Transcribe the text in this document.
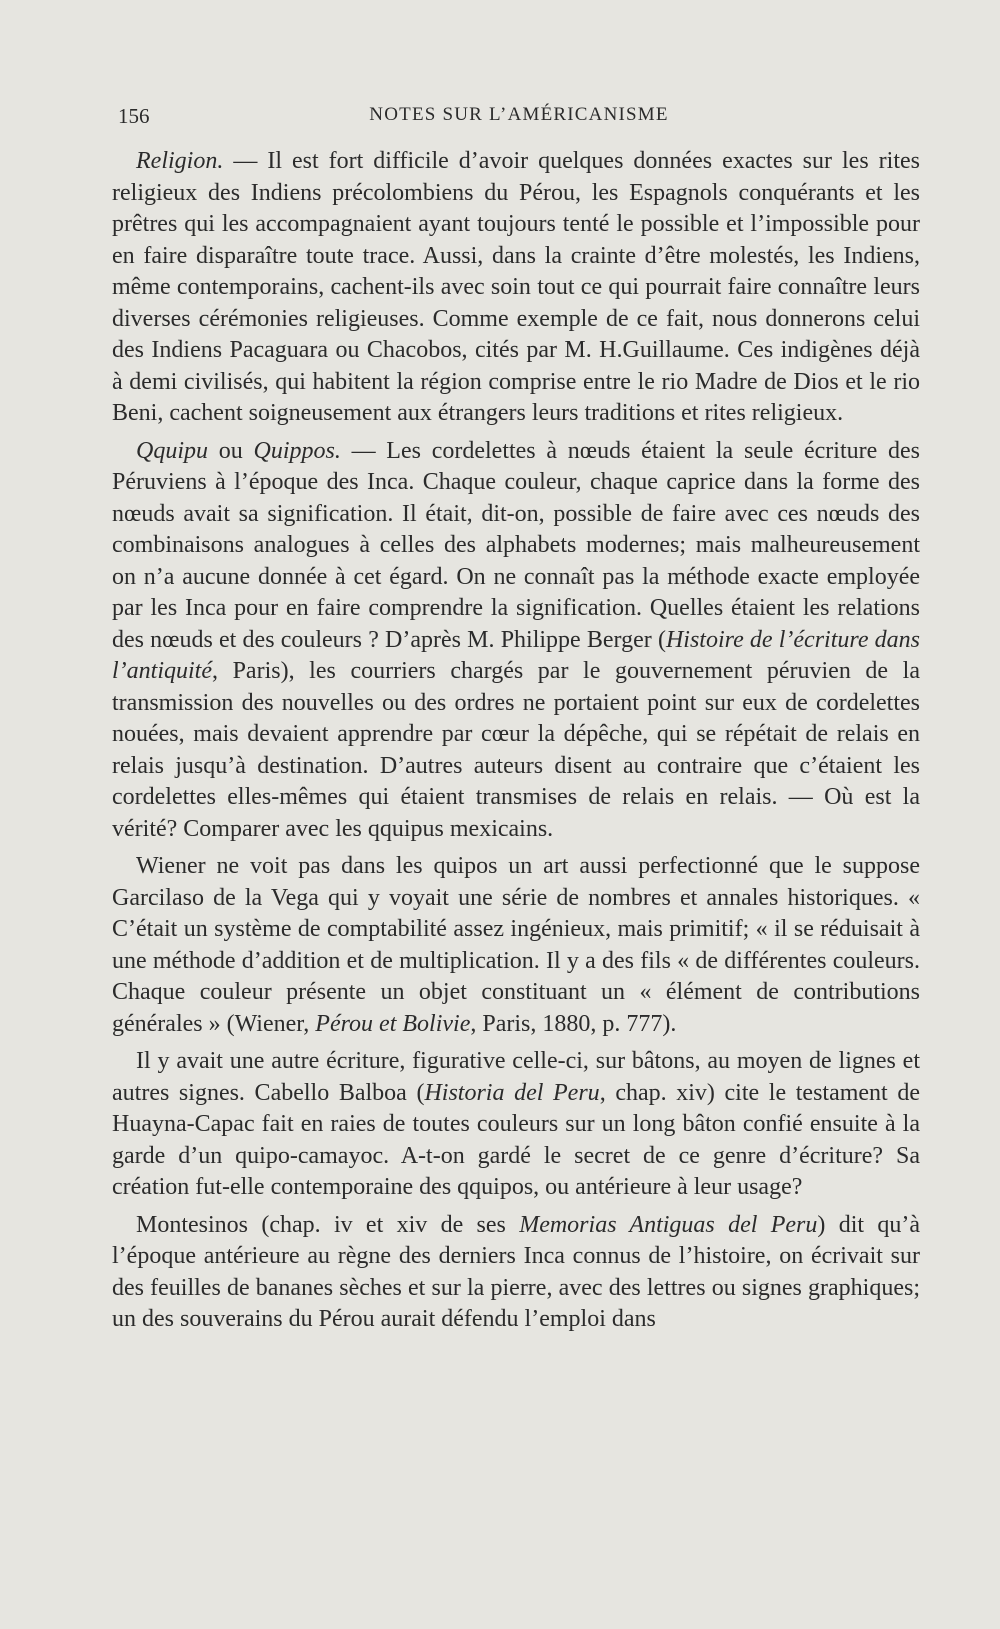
156	NOTES SUR L’AMÉRICANISME

Religion. — Il est fort difficile d’avoir quelques données exactes sur les rites religieux des Indiens précolombiens du Pérou, les Espagnols conquérants et les prêtres qui les accompagnaient ayant toujours tenté le possible et l’impossible pour en faire disparaître toute trace. Aussi, dans la crainte d’être molestés, les Indiens, même contemporains, cachent-ils avec soin tout ce qui pourrait faire connaître leurs diverses cérémonies religieuses. Comme exemple de ce fait, nous donnerons celui des Indiens Pacaguara ou Chacobos, cités par M. H.Guillaume. Ces indigènes déjà à demi civilisés, qui habitent la région comprise entre le rio Madre de Dios et le rio Beni, cachent soigneusement aux étrangers leurs traditions et rites religieux.

Qquipu ou Quippos. — Les cordelettes à nœuds étaient la seule écriture des Péruviens à l’époque des Inca. Chaque couleur, chaque caprice dans la forme des nœuds avait sa signification. Il était, dit-on, possible de faire avec ces nœuds des combinaisons analogues à celles des alphabets modernes; mais malheureusement on n’a aucune donnée à cet égard. On ne connaît pas la méthode exacte employée par les Inca pour en faire comprendre la signification. Quelles étaient les relations des nœuds et des couleurs ? D’après M. Philippe Berger (Histoire de l’écriture dans l’antiquité, Paris), les courriers chargés par le gouvernement péruvien de la transmission des nouvelles ou des ordres ne portaient point sur eux de cordelettes nouées, mais devaient apprendre par cœur la dépêche, qui se répétait de relais en relais jusqu’à destination. D’autres auteurs disent au contraire que c’étaient les cordelettes elles-mêmes qui étaient transmises de relais en relais. — Où est la vérité? Comparer avec les qquipus mexicains.

Wiener ne voit pas dans les quipos un art aussi perfectionné que le suppose Garcilaso de la Vega qui y voyait une série de nombres et annales historiques. « C’était un système de comptabilité assez ingénieux, mais primitif; « il se réduisait à une méthode d’addition et de multiplication. Il y a des fils « de différentes couleurs. Chaque couleur présente un objet constituant un « élément de contributions générales » (Wiener, Pérou et Bolivie, Paris, 1880, p. 777).

Il y avait une autre écriture, figurative celle-ci, sur bâtons, au moyen de lignes et autres signes. Cabello Balboa (Historia del Peru, chap. xiv) cite le testament de Huayna-Capac fait en raies de toutes couleurs sur un long bâton confié ensuite à la garde d’un quipo-camayoc. A-t-on gardé le secret de ce genre d’écriture? Sa création fut-elle contemporaine des qquipos, ou antérieure à leur usage?

Montesinos (chap. iv et xiv de ses Memorias Antiguas del Peru) dit qu’à l’époque antérieure au règne des derniers Inca connus de l’histoire, on écrivait sur des feuilles de bananes sèches et sur la pierre, avec des lettres ou signes graphiques; un des souverains du Pérou aurait défendu l’emploi dans
